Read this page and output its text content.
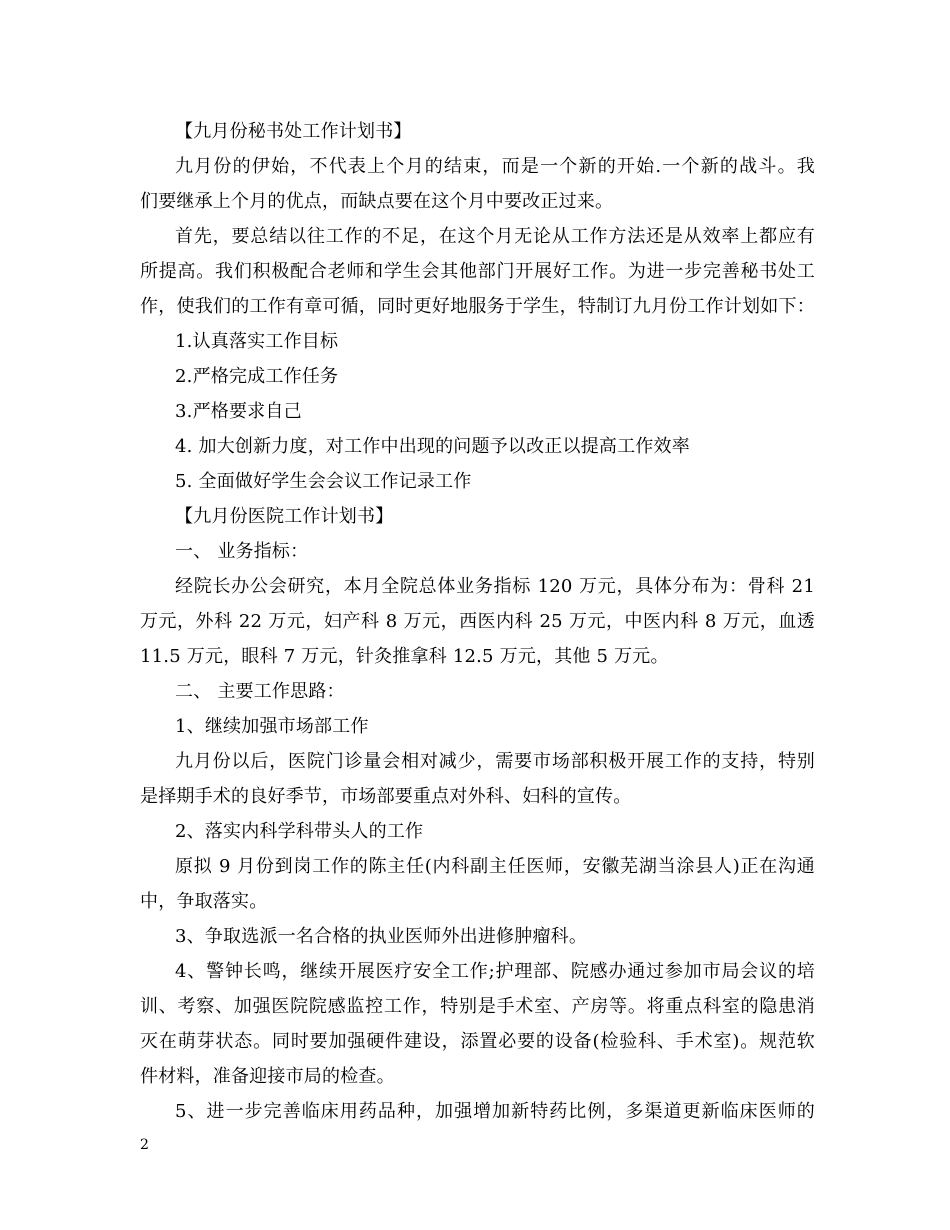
【九月份秘书处工作计划书】
九月份的伊始，不代表上个月的结束，而是一个新的开始.一个新的战斗。我
们要继承上个月的优点，而缺点要在这个月中要改正过来。
首先，要总结以往工作的不足，在这个月无论从工作方法还是从效率上都应有
所提高。我们积极配合老师和学生会其他部门开展好工作。为进一步完善秘书处工
作，使我们的工作有章可循，同时更好地服务于学生，特制订九月份工作计划如下：
1.认真落实工作目标
2.严格完成工作任务
3.严格要求自己
4. 加大创新力度，对工作中出现的问题予以改正以提高工作效率
5. 全面做好学生会会议工作记录工作
【九月份医院工作计划书】
一、 业务指标：
经院长办公会研究，本月全院总体业务指标 120 万元，具体分布为：骨科 21
万元，外科 22 万元，妇产科 8 万元，西医内科 25 万元，中医内科 8 万元，血透
11.5 万元，眼科 7 万元，针灸推拿科 12.5 万元，其他 5 万元。
二、 主要工作思路：
1、继续加强市场部工作
九月份以后，医院门诊量会相对减少，需要市场部积极开展工作的支持，特别
是择期手术的良好季节，市场部要重点对外科、妇科的宣传。
2、落实内科学科带头人的工作
原拟 9 月份到岗工作的陈主任(内科副主任医师，安徽芜湖当涂县人)正在沟通
中，争取落实。
3、争取选派一名合格的执业医师外出进修肿瘤科。
4、警钟长鸣，继续开展医疗安全工作;护理部、院感办通过参加市局会议的培
训、考察、加强医院院感监控工作，特别是手术室、产房等。将重点科室的隐患消
灭在萌芽状态。同时要加强硬件建设，添置必要的设备(检验科、手术室)。规范软
件材料，准备迎接市局的检查。
5、进一步完善临床用药品种，加强增加新特药比例，多渠道更新临床医师的
2
